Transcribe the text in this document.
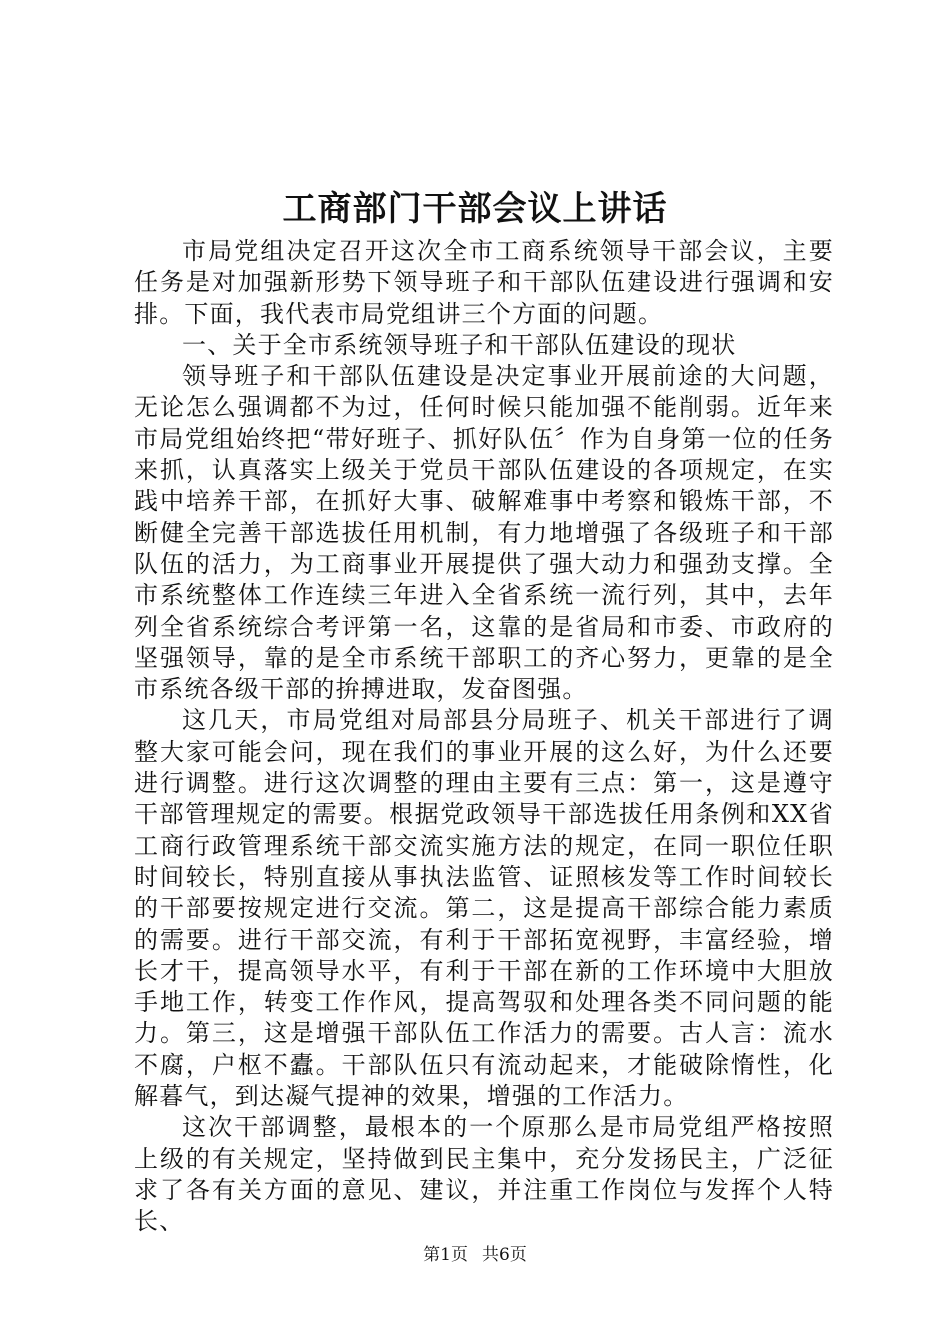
工商部门干部会议上讲话

市局党组决定召开这次全市工商系统领导干部会议，主要任务是对加强新形势下领导班子和干部队伍建设进行强调和安排。下面，我代表市局党组讲三个方面的问题。

一、关于全市系统领导班子和干部队伍建设的现状

领导班子和干部队伍建设是决定事业开展前途的大问题，无论怎么强调都不为过，任何时候只能加强不能削弱。近年来市局党组始终把“带好班子、抓好队伍〞作为自身第一位的任务来抓，认真落实上级关于党员干部队伍建设的各项规定，在实践中培养干部，在抓好大事、破解难事中考察和锻炼干部，不断健全完善干部选拔任用机制，有力地增强了各级班子和干部队伍的活力，为工商事业开展提供了强大动力和强劲支撑。全市系统整体工作连续三年进入全省系统一流行列，其中，去年列全省系统综合考评第一名，这靠的是省局和市委、市政府的坚强领导，靠的是全市系统干部职工的齐心努力，更靠的是全市系统各级干部的拚搏进取，发奋图强。

这几天，市局党组对局部县分局班子、机关干部进行了调整大家可能会问，现在我们的事业开展的这么好，为什么还要进行调整。进行这次调整的理由主要有三点：第一，这是遵守干部管理规定的需要。根据党政领导干部选拔任用条例和XX省工商行政管理系统干部交流实施方法的规定，在同一职位任职时间较长，特别直接从事执法监管、证照核发等工作时间较长的干部要按规定进行交流。第二，这是提高干部综合能力素质的需要。进行干部交流，有利于干部拓宽视野，丰富经验，增长才干，提高领导水平，有利于干部在新的工作环境中大胆放手地工作，转变工作作风，提高驾驭和处理各类不同问题的能力。第三，这是增强干部队伍工作活力的需要。古人言：流水不腐，户枢不蠹。干部队伍只有流动起来，才能破除惰性，化解暮气，到达凝气提神的效果，增强的工作活力。

这次干部调整，最根本的一个原那么是市局党组严格按照上级的有关规定，坚持做到民主集中，充分发扬民主，广泛征求了各有关方面的意见、建议，并注重工作岗位与发挥个人特长、

第1页 共6页
